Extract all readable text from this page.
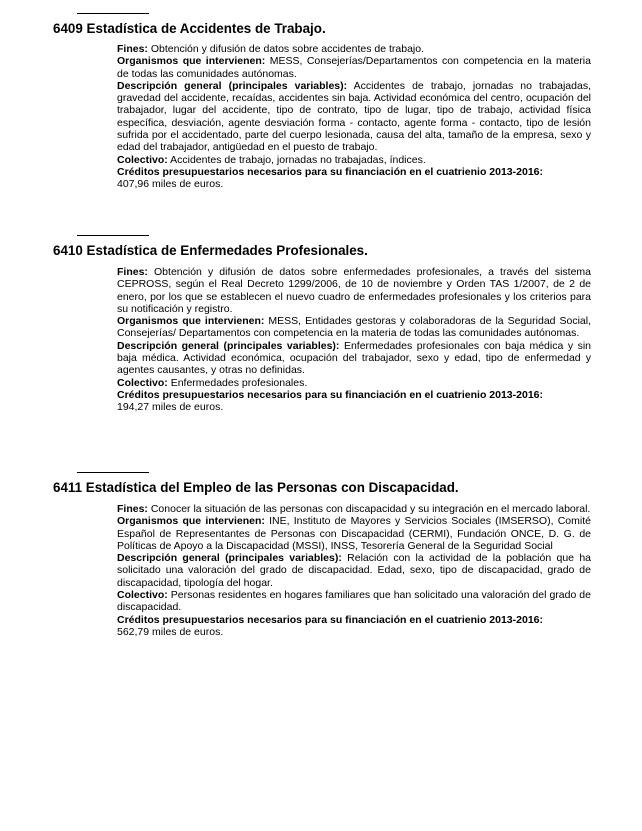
6409 Estadística de Accidentes de Trabajo.

Fines: Obtención y difusión de datos sobre accidentes de trabajo.

Organismos que intervienen: MESS, Consejerías/Departamentos con competencia en la materia de todas las comunidades autónomas.

Descripción general (principales variables): Accidentes de trabajo, jornadas no trabajadas, gravedad del accidente, recaídas, accidentes sin baja. Actividad económica del centro, ocupación del trabajador, lugar del accidente, tipo de contrato, tipo de lugar, tipo de trabajo, actividad física específica, desviación, agente desviación forma - contacto, agente forma - contacto, tipo de lesión sufrida por el accidentado, parte del cuerpo lesionada, causa del alta, tamaño de la empresa, sexo y edad del trabajador, antigüedad en el puesto de trabajo.

Colectivo: Accidentes de trabajo, jornadas no trabajadas, índices.

Créditos presupuestarios necesarios para su financiación en el cuatrienio 2013-2016:

407,96 miles de euros.

6410 Estadística de Enfermedades Profesionales.

Fines: Obtención y difusión de datos sobre enfermedades profesionales, a través del sistema CEPROSS, según el Real Decreto 1299/2006, de 10 de noviembre y Orden TAS 1/2007, de 2 de enero, por los que se establecen el nuevo cuadro de enfermedades profesionales y los criterios para su notificación y registro.

Organismos que intervienen: MESS, Entidades gestoras y colaboradoras de la Seguridad Social, Consejerías/ Departamentos con competencia en la materia de todas las comunidades autónomas.

Descripción general (principales variables): Enfermedades profesionales con baja médica y sin baja médica. Actividad económica, ocupación del trabajador, sexo y edad, tipo de enfermedad y agentes causantes, y otras no definidas.

Colectivo: Enfermedades profesionales.

Créditos presupuestarios necesarios para su financiación en el cuatrienio 2013-2016:

194,27 miles de euros.

6411 Estadística del Empleo de las Personas con Discapacidad.

Fines: Conocer la situación de las personas con discapacidad y su integración en el mercado laboral.

Organismos que intervienen: INE, Instituto de Mayores y Servicios Sociales (IMSERSO), Comité Español de Representantes de Personas con Discapacidad (CERMI), Fundación ONCE, D. G. de Políticas de Apoyo a la Discapacidad (MSSI), INSS, Tesorería General de la Seguridad Social

Descripción general (principales variables): Relación con la actividad de la población que ha solicitado una valoración del grado de discapacidad. Edad, sexo, tipo de discapacidad, grado de discapacidad, tipología del hogar.

Colectivo: Personas residentes en hogares familiares que han solicitado una valoración del grado de discapacidad.

Créditos presupuestarios necesarios para su financiación en el cuatrienio 2013-2016:

562,79 miles de euros.
